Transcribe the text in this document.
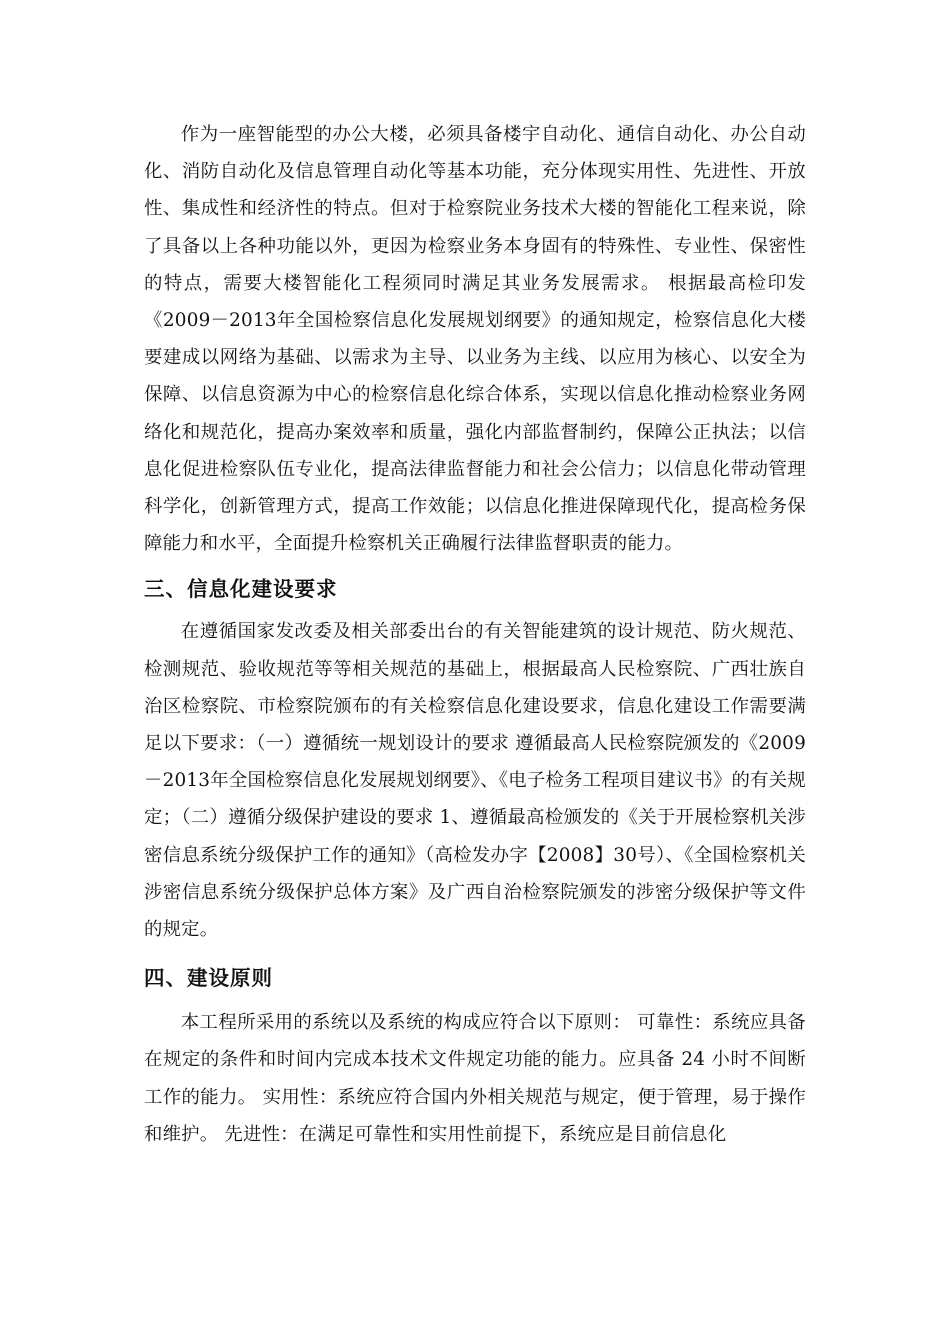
作为一座智能型的办公大楼，必须具备楼宇自动化、通信自动化、办公自动化、消防自动化及信息管理自动化等基本功能，充分体现实用性、先进性、开放性、集成性和经济性的特点。但对于检察院业务技术大楼的智能化工程来说，除了具备以上各种功能以外，更因为检察业务本身固有的特殊性、专业性、保密性的特点，需要大楼智能化工程须同时满足其业务发展需求。 根据最高检印发《2009－2013年全国检察信息化发展规划纲要》的通知规定，检察信息化大楼要建成以网络为基础、以需求为主导、以业务为主线、以应用为核心、以安全为保障、以信息资源为中心的检察信息化综合体系，实现以信息化推动检察业务网络化和规范化，提高办案效率和质量，强化内部监督制约，保障公正执法；以信息化促进检察队伍专业化，提高法律监督能力和社会公信力；以信息化带动管理科学化，创新管理方式，提高工作效能；以信息化推进保障现代化，提高检务保障能力和水平，全面提升检察机关正确履行法律监督职责的能力。

三、信息化建设要求

在遵循国家发改委及相关部委出台的有关智能建筑的设计规范、防火规范、检测规范、验收规范等等相关规范的基础上，根据最高人民检察院、广西壮族自治区检察院、市检察院颁布的有关检察信息化建设要求，信息化建设工作需要满足以下要求：（一）遵循统一规划设计的要求 遵循最高人民检察院颁发的《2009－2013年全国检察信息化发展规划纲要》、《电子检务工程项目建议书》的有关规定；（二）遵循分级保护建设的要求 1、遵循最高检颁发的《关于开展检察机关涉密信息系统分级保护工作的通知》（高检发办字【2008】30号）、《全国检察机关涉密信息系统分级保护总体方案》及广西自治检察院颁发的涉密分级保护等文件的规定。

四、建设原则

本工程所采用的系统以及系统的构成应符合以下原则： 可靠性：系统应具备在规定的条件和时间内完成本技术文件规定功能的能力。应具备 24 小时不间断工作的能力。 实用性：系统应符合国内外相关规范与规定，便于管理，易于操作和维护。 先进性：在满足可靠性和实用性前提下，系统应是目前信息化
